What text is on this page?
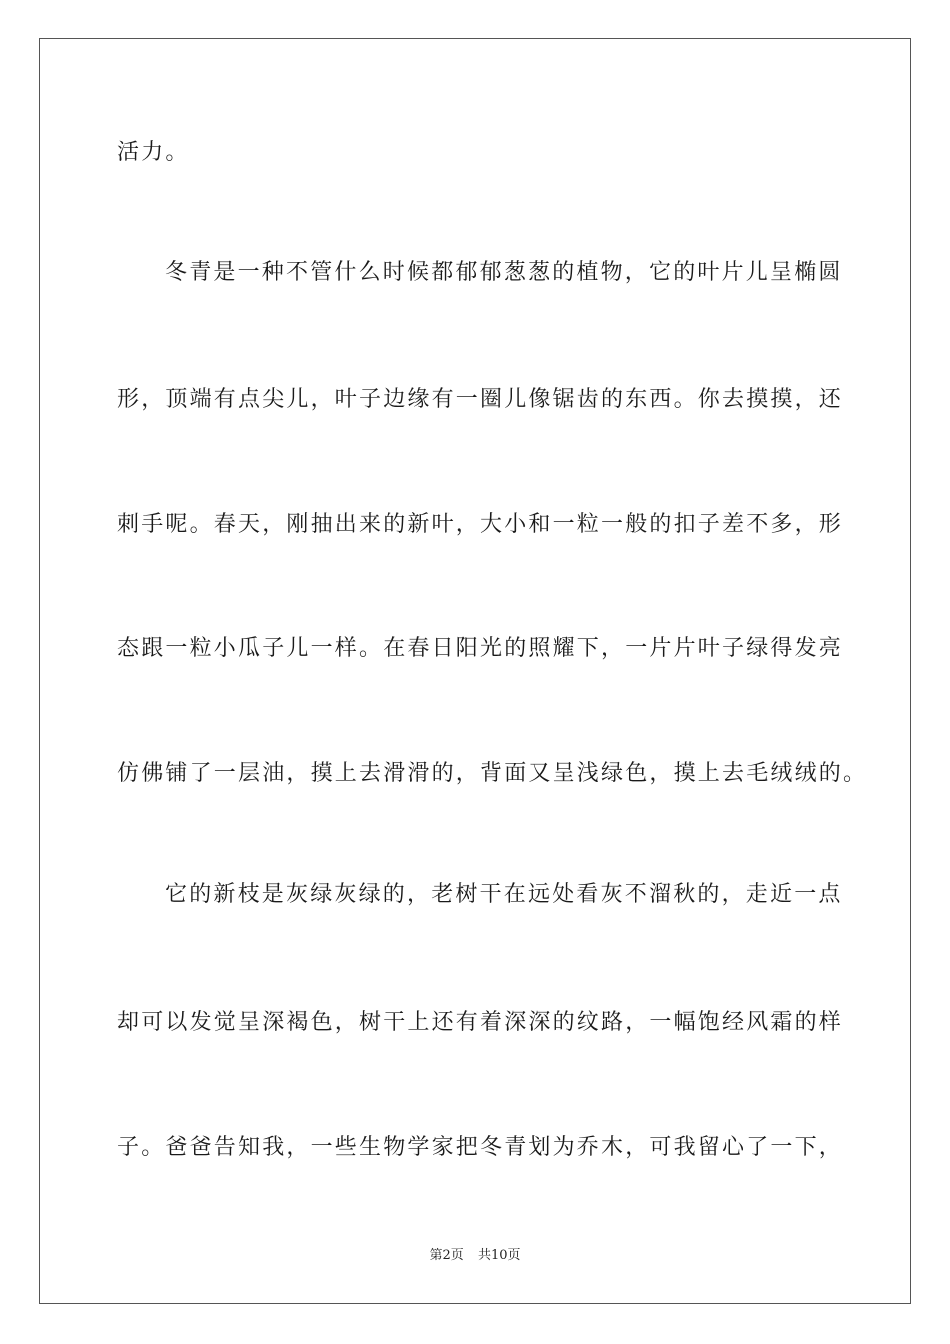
活力。
冬青是一种不管什么时候都郁郁葱葱的植物，它的叶片儿呈椭圆
形，顶端有点尖儿，叶子边缘有一圈儿像锯齿的东西。你去摸摸，还
刺手呢。春天，刚抽出来的新叶，大小和一粒一般的扣子差不多，形
态跟一粒小瓜子儿一样。在春日阳光的照耀下，一片片叶子绿得发亮
仿佛铺了一层油，摸上去滑滑的，背面又呈浅绿色，摸上去毛绒绒的。
它的新枝是灰绿灰绿的，老树干在远处看灰不溜秋的，走近一点
却可以发觉呈深褐色，树干上还有着深深的纹路，一幅饱经风霜的样
子。爸爸告知我，一些生物学家把冬青划为乔木，可我留心了一下，
第2页 共10页
